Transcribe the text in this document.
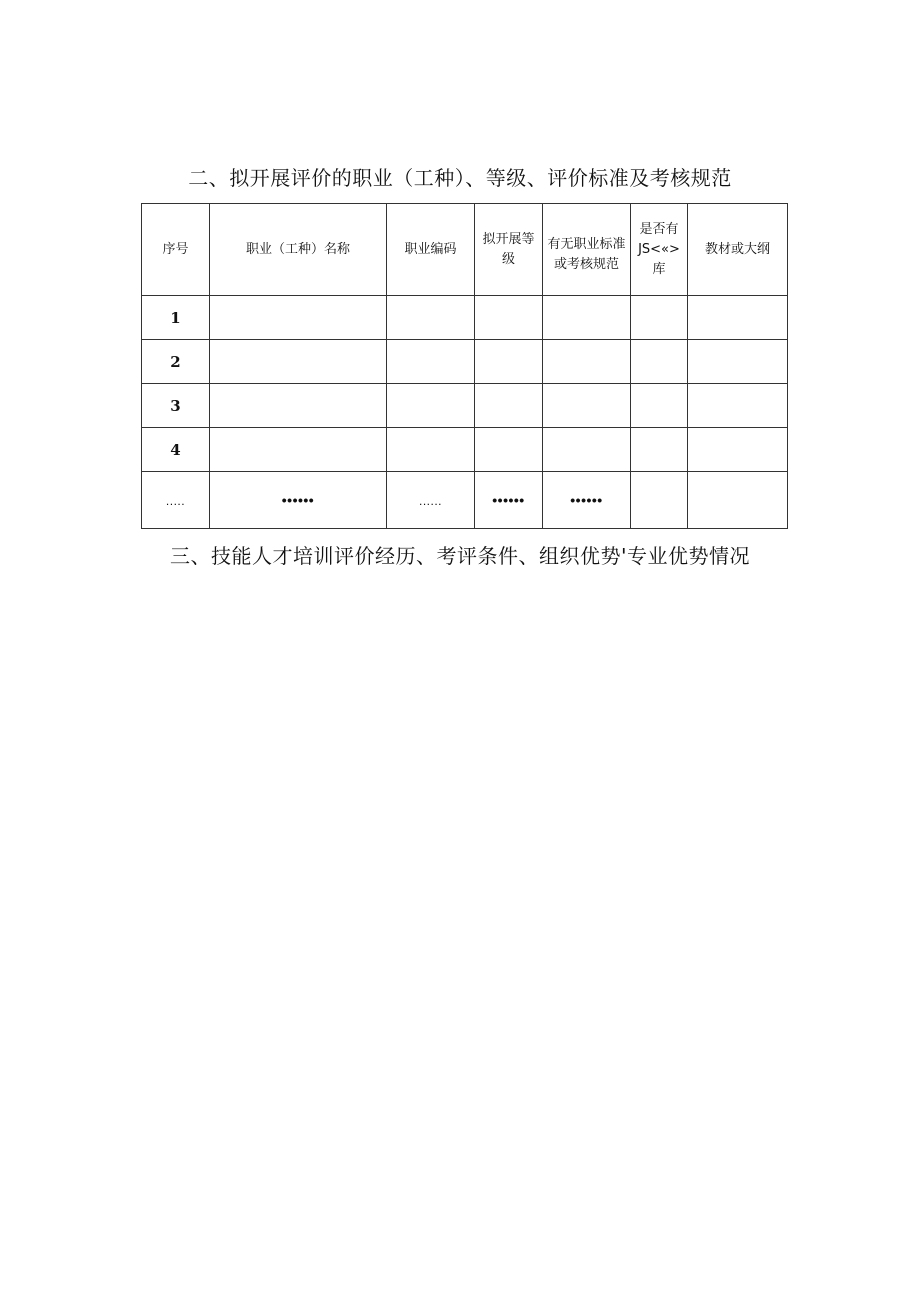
二、拟开展评价的职业（工种）、等级、评价标准及考核规范
序号	职业（工种）名称	职业编码	拟开展等级	有无职业标准或考核规范	是否有JS<«>库	教材或大纲
1						
2						
3						
4						
.....	••••••	......	••••••	••••••		
三、技能人才培训评价经历、考评条件、组织优势'专业优势情况
